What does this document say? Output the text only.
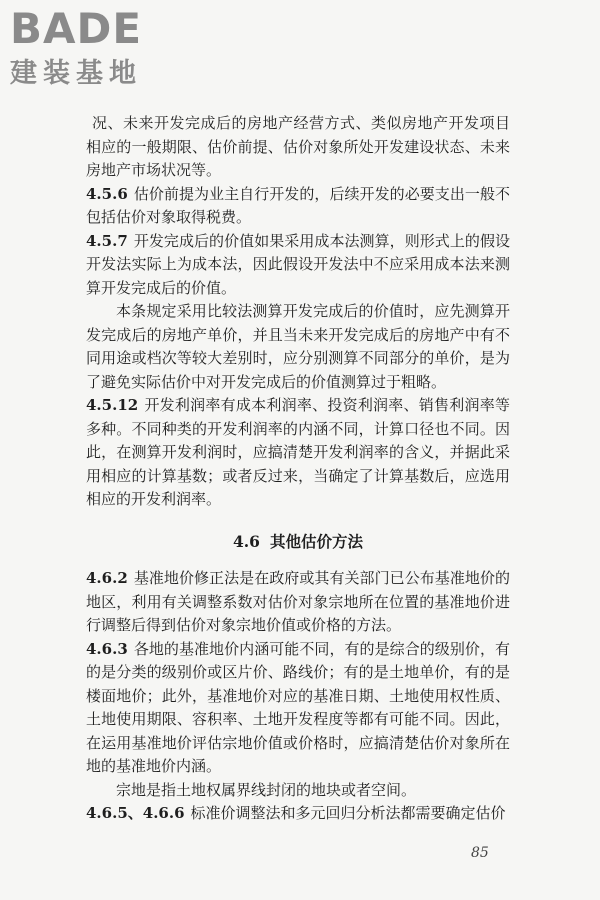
BADE
建装基地

况、未来开发完成后的房地产经营方式、类似房地产开发项目相应的一般期限、估价前提、估价对象所处开发建设状态、未来房地产市场状况等。

4.5.6 估价前提为业主自行开发的，后续开发的必要支出一般不包括估价对象取得税费。

4.5.7 开发完成后的价值如果采用成本法测算，则形式上的假设开发法实际上为成本法，因此假设开发法中不应采用成本法来测算开发完成后的价值。

本条规定采用比较法测算开发完成后的价值时，应先测算开发完成后的房地产单价，并且当未来开发完成后的房地产中有不同用途或档次等较大差别时，应分别测算不同部分的单价，是为了避免实际估价中对开发完成后的价值测算过于粗略。

4.5.12 开发利润率有成本利润率、投资利润率、销售利润率等多种。不同种类的开发利润率的内涵不同，计算口径也不同。因此，在测算开发利润时，应搞清楚开发利润率的含义，并据此采用相应的计算基数；或者反过来，当确定了计算基数后，应选用相应的开发利润率。

4.6 其他估价方法

4.6.2 基准地价修正法是在政府或其有关部门已公布基准地价的地区，利用有关调整系数对估价对象宗地所在位置的基准地价进行调整后得到估价对象宗地价值或价格的方法。

4.6.3 各地的基准地价内涵可能不同，有的是综合的级别价，有的是分类的级别价或区片价、路线价；有的是土地单价，有的是楼面地价；此外，基准地价对应的基准日期、土地使用权性质、土地使用期限、容积率、土地开发程度等都有可能不同。因此，在运用基准地价评估宗地价值或价格时，应搞清楚估价对象所在地的基准地价内涵。

宗地是指土地权属界线封闭的地块或者空间。

4.6.5、4.6.6 标准价调整法和多元回归分析法都需要确定估价

85
